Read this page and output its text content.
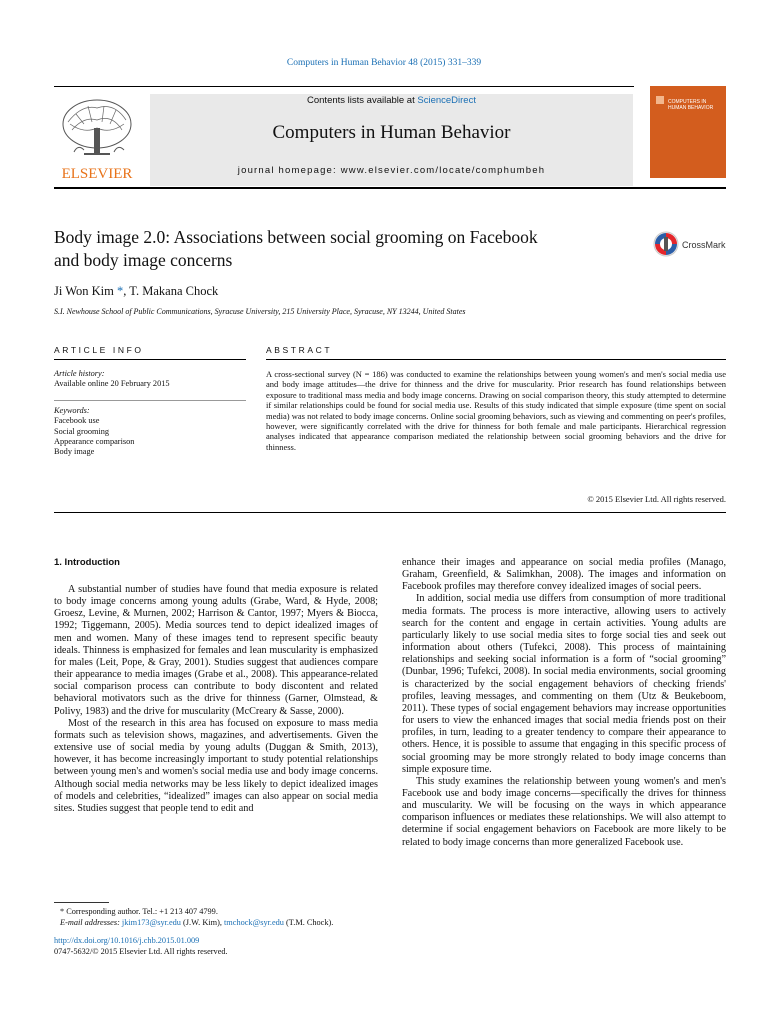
Computers in Human Behavior 48 (2015) 331–339
ELSEVIER
Contents lists available at ScienceDirect
Computers in Human Behavior
journal homepage: www.elsevier.com/locate/comphumbeh
COMPUTERS IN HUMAN BEHAVIOR
Body image 2.0: Associations between social grooming on Facebook
and body image concerns
CrossMark
Ji Won Kim *, T. Makana Chock
S.I. Newhouse School of Public Communications, Syracuse University, 215 University Place, Syracuse, NY 13244, United States
ARTICLE INFO
Article history:
Available online 20 February 2015
Keywords:
Facebook use
Social grooming
Appearance comparison
Body image
ABSTRACT
A cross-sectional survey (N = 186) was conducted to examine the relationships between young women's and men's social media use and body image attitudes—the drive for thinness and the drive for muscularity. Prior research has found relationships between exposure to traditional mass media and body image concerns. Drawing on social comparison theory, this study attempted to determine if similar relationships could be found for social media use. Results of this study indicated that simple exposure (time spent on social media) was not related to body image concerns. Online social grooming behaviors, such as viewing and commenting on peer's profiles, however, were significantly correlated with the drive for thinness for both female and male participants. Hierarchical regression analyses indicated that appearance comparison mediated the relationship between social grooming behaviors and the drive for thinness.
© 2015 Elsevier Ltd. All rights reserved.
1. Introduction

A substantial number of studies have found that media exposure is related to body image concerns among young adults (Grabe, Ward, & Hyde, 2008; Groesz, Levine, & Murnen, 2002; Harrison & Cantor, 1997; Myers & Biocca, 1992; Tiggemann, 2005). Media sources tend to depict idealized images of men and women. Many of these images tend to represent specific beauty ideals. Thinness is emphasized for females and lean muscularity is emphasized for males (Leit, Pope, & Gray, 2001). Studies suggest that audiences compare their appearance to media images (Grabe et al., 2008). This appearance-related social comparison process can contribute to body discontent and related behavioral motivators such as the drive for thinness (Garner, Olmstead, & Polivy, 1983) and the drive for muscularity (McCreary & Sasse, 2000).

Most of the research in this area has focused on exposure to mass media formats such as television shows, magazines, and advertisements. Given the extensive use of social media by young adults (Duggan & Smith, 2013), however, it has become increasingly important to study potential relationships between young men's and women's social media use and body image concerns. Although social media networks may be less likely to depict idealized images of models and celebrities, “idealized” images can also appear on social media sites. Studies suggest that people tend to edit and

enhance their images and appearance on social media profiles (Manago, Graham, Greenfield, & Salimkhan, 2008). The images and information on Facebook profiles may therefore convey idealized images of social peers.

In addition, social media use differs from consumption of more traditional media formats. The process is more interactive, allowing users to actively search for the content and engage in certain activities. Young adults are particularly likely to use social media sites to forge social ties and seek out information about others (Tufekci, 2008). This process of maintaining relationships and seeking social information is a form of “social grooming” (Dunbar, 1996; Tufekci, 2008). In social media environments, social grooming is characterized by the social engagement behaviors of checking friends' profiles, leaving messages, and commenting on them (Utz & Beukeboom, 2011). These types of social engagement behaviors may increase opportunities for users to view the enhanced images that social media friends post on their profiles, in turn, leading to a greater tendency to compare their appearance to others. Hence, it is possible to assume that engaging in this specific process of social grooming may be more strongly related to body image concerns than simple exposure time.

This study examines the relationship between young women's and men's Facebook use and body image concerns—specifically the drives for thinness and muscularity. We will be focusing on the ways in which appearance comparison influences or mediates these relationships. We will also attempt to determine if social engagement behaviors on Facebook are more likely to be related to body image concerns than more generalized Facebook use.

* Corresponding author. Tel.: +1 213 407 4799.
E-mail addresses: jkim173@syr.edu (J.W. Kim), tmchock@syr.edu (T.M. Chock).
http://dx.doi.org/10.1016/j.chb.2015.01.009
0747-5632/© 2015 Elsevier Ltd. All rights reserved.
